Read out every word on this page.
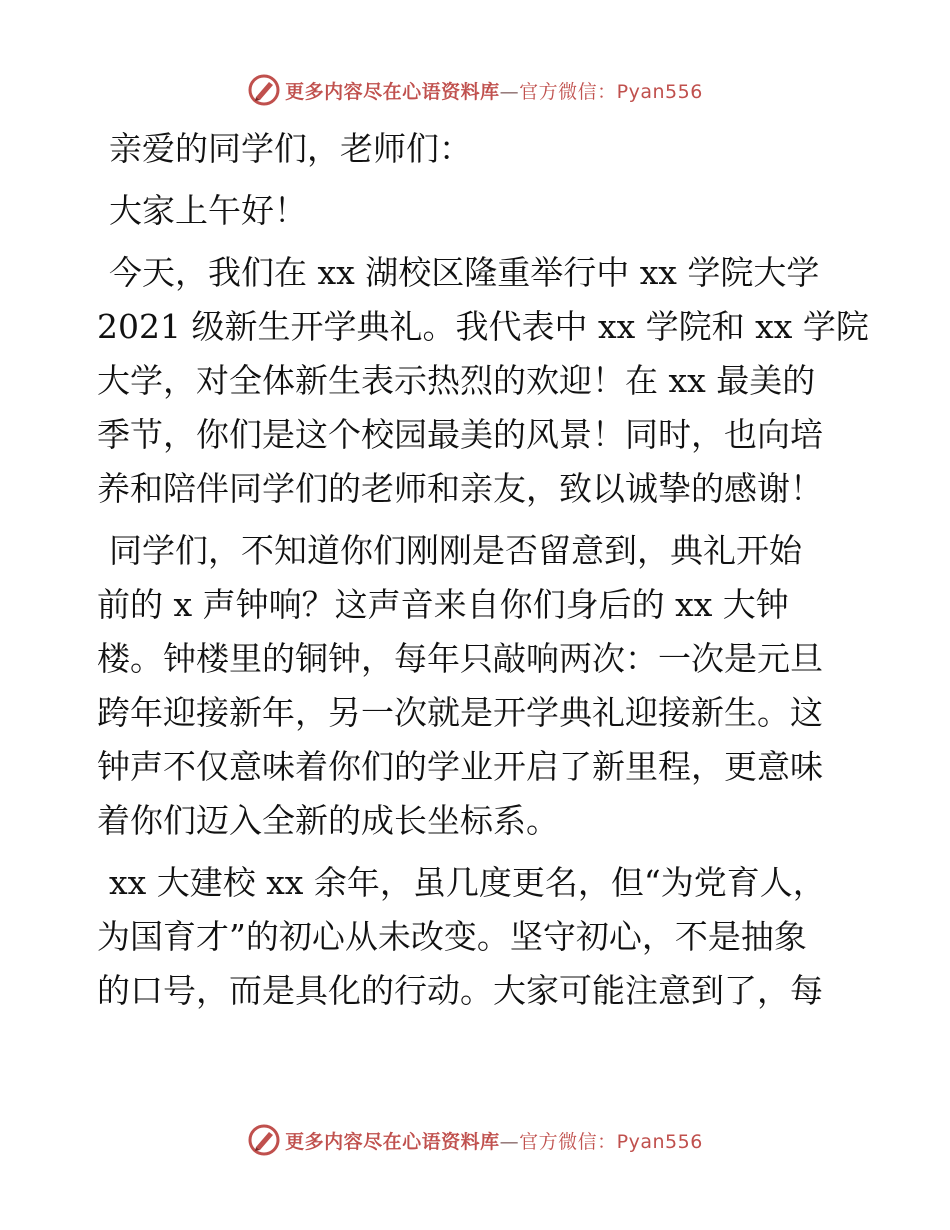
更多内容尽在心语资料库—官方微信：Pyan556
亲爱的同学们，老师们：
大家上午好！
今天，我们在 xx 湖校区隆重举行中 xx 学院大学
2021 级新生开学典礼。我代表中 xx 学院和 xx 学院
大学，对全体新生表示热烈的欢迎！在 xx 最美的
季节，你们是这个校园最美的风景！同时，也向培
养和陪伴同学们的老师和亲友，致以诚挚的感谢！
同学们，不知道你们刚刚是否留意到，典礼开始
前的 x 声钟响？这声音来自你们身后的 xx 大钟
楼。钟楼里的铜钟，每年只敲响两次：一次是元旦
跨年迎接新年，另一次就是开学典礼迎接新生。这
钟声不仅意味着你们的学业开启了新里程，更意味
着你们迈入全新的成长坐标系。
xx 大建校 xx 余年，虽几度更名，但“为党育人，
为国育才”的初心从未改变。坚守初心，不是抽象
的口号，而是具化的行动。大家可能注意到了，每
更多内容尽在心语资料库—官方微信：Pyan556
